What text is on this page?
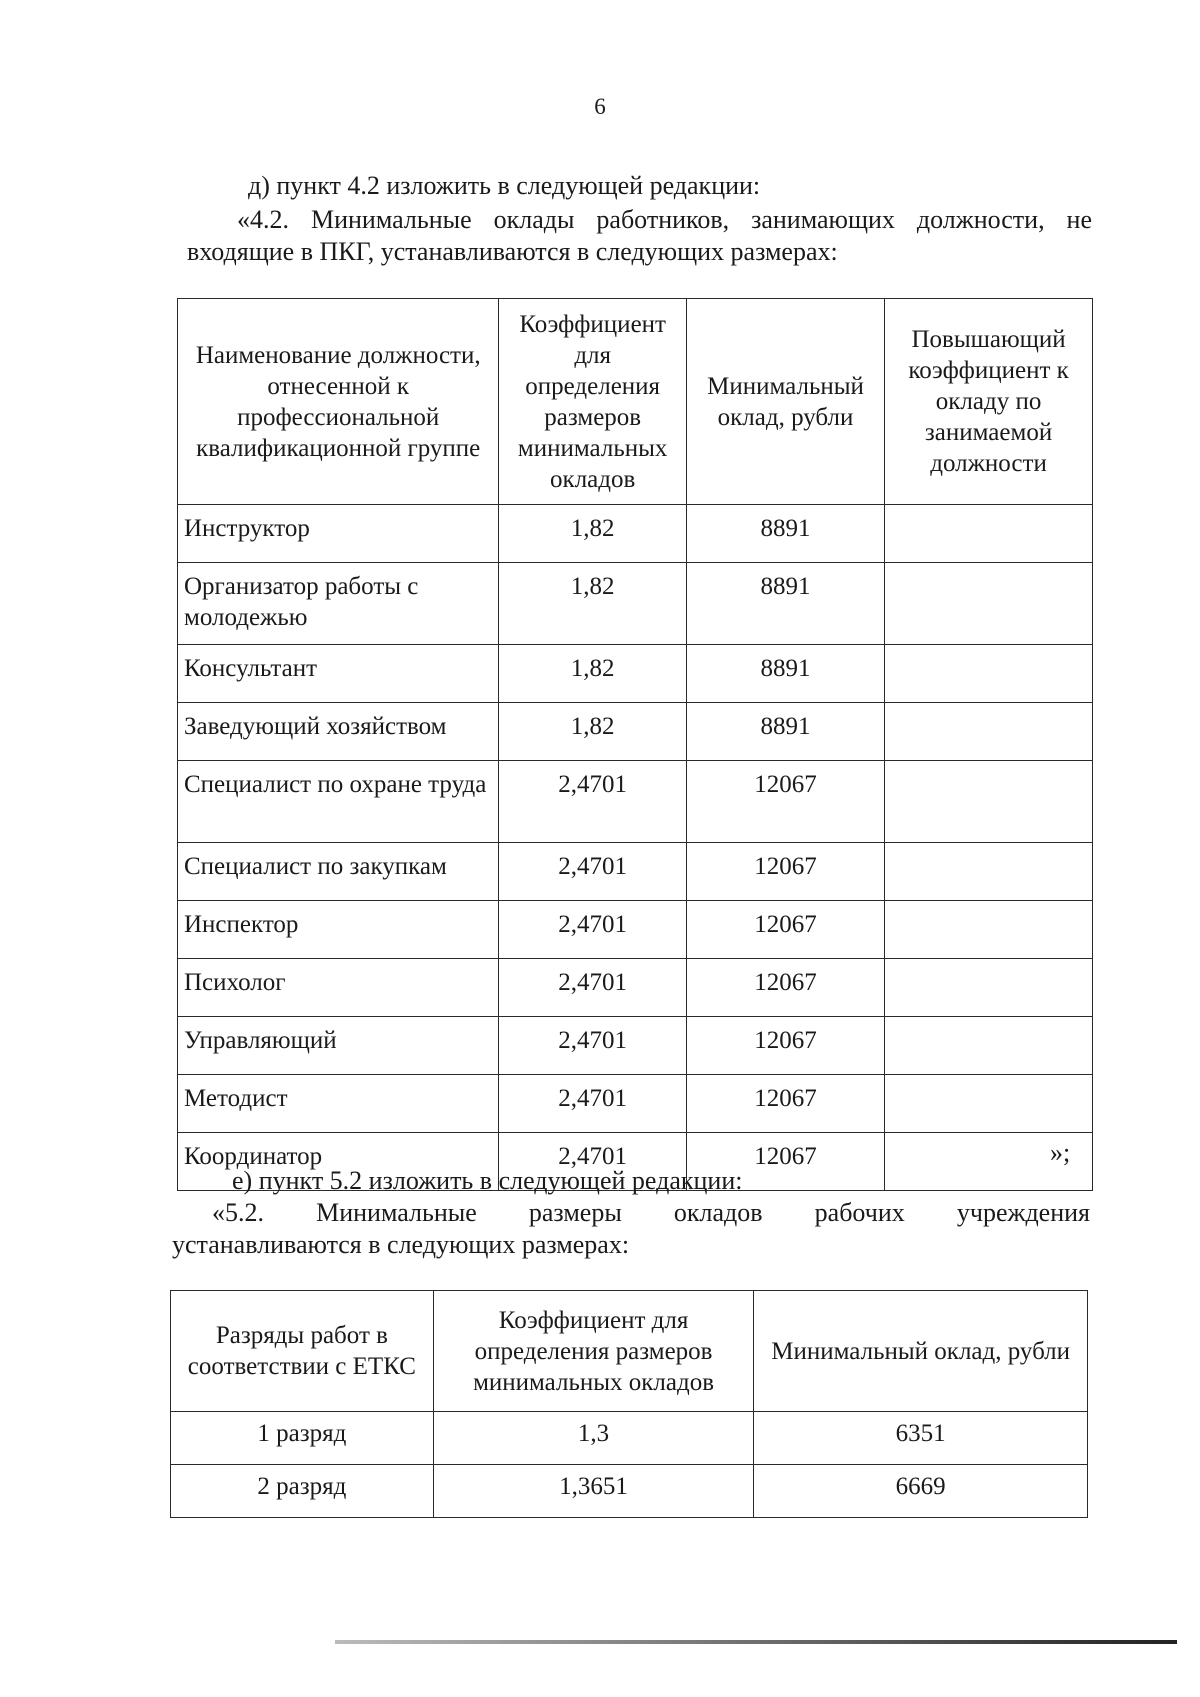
6
д) пункт 4.2 изложить в следующей редакции:
«4.2. Минимальные оклады работников, занимающих должности, не входящие в ПКГ, устанавливаются в следующих размерах:
Наименование должности, отнесенной к профессиональной квалификационной группе	Коэффициент для определения размеров минимальных окладов	Минимальный оклад, рубли	Повышающий коэффициент к окладу по занимаемой должности
Инструктор	1,82	8891	
Организатор работы с молодежью	1,82	8891	
Консультант	1,82	8891	
Заведующий хозяйством	1,82	8891	
Специалист по охране труда	2,4701	12067	
Специалист по закупкам	2,4701	12067	
Инспектор	2,4701	12067	
Психолог	2,4701	12067	
Управляющий	2,4701	12067	
Методист	2,4701	12067	
Координатор	2,4701	12067		»;
е) пункт 5.2 изложить в следующей редакции:
«5.2. Минимальные размеры окладов рабочих учреждения
устанавливаются в следующих размерах:
Разряды работ в соответствии с ЕТКС	Коэффициент для определения размеров минимальных окладов	Минимальный оклад, рубли
1 разряд	1,3	6351
2 разряд	1,3651	6669
